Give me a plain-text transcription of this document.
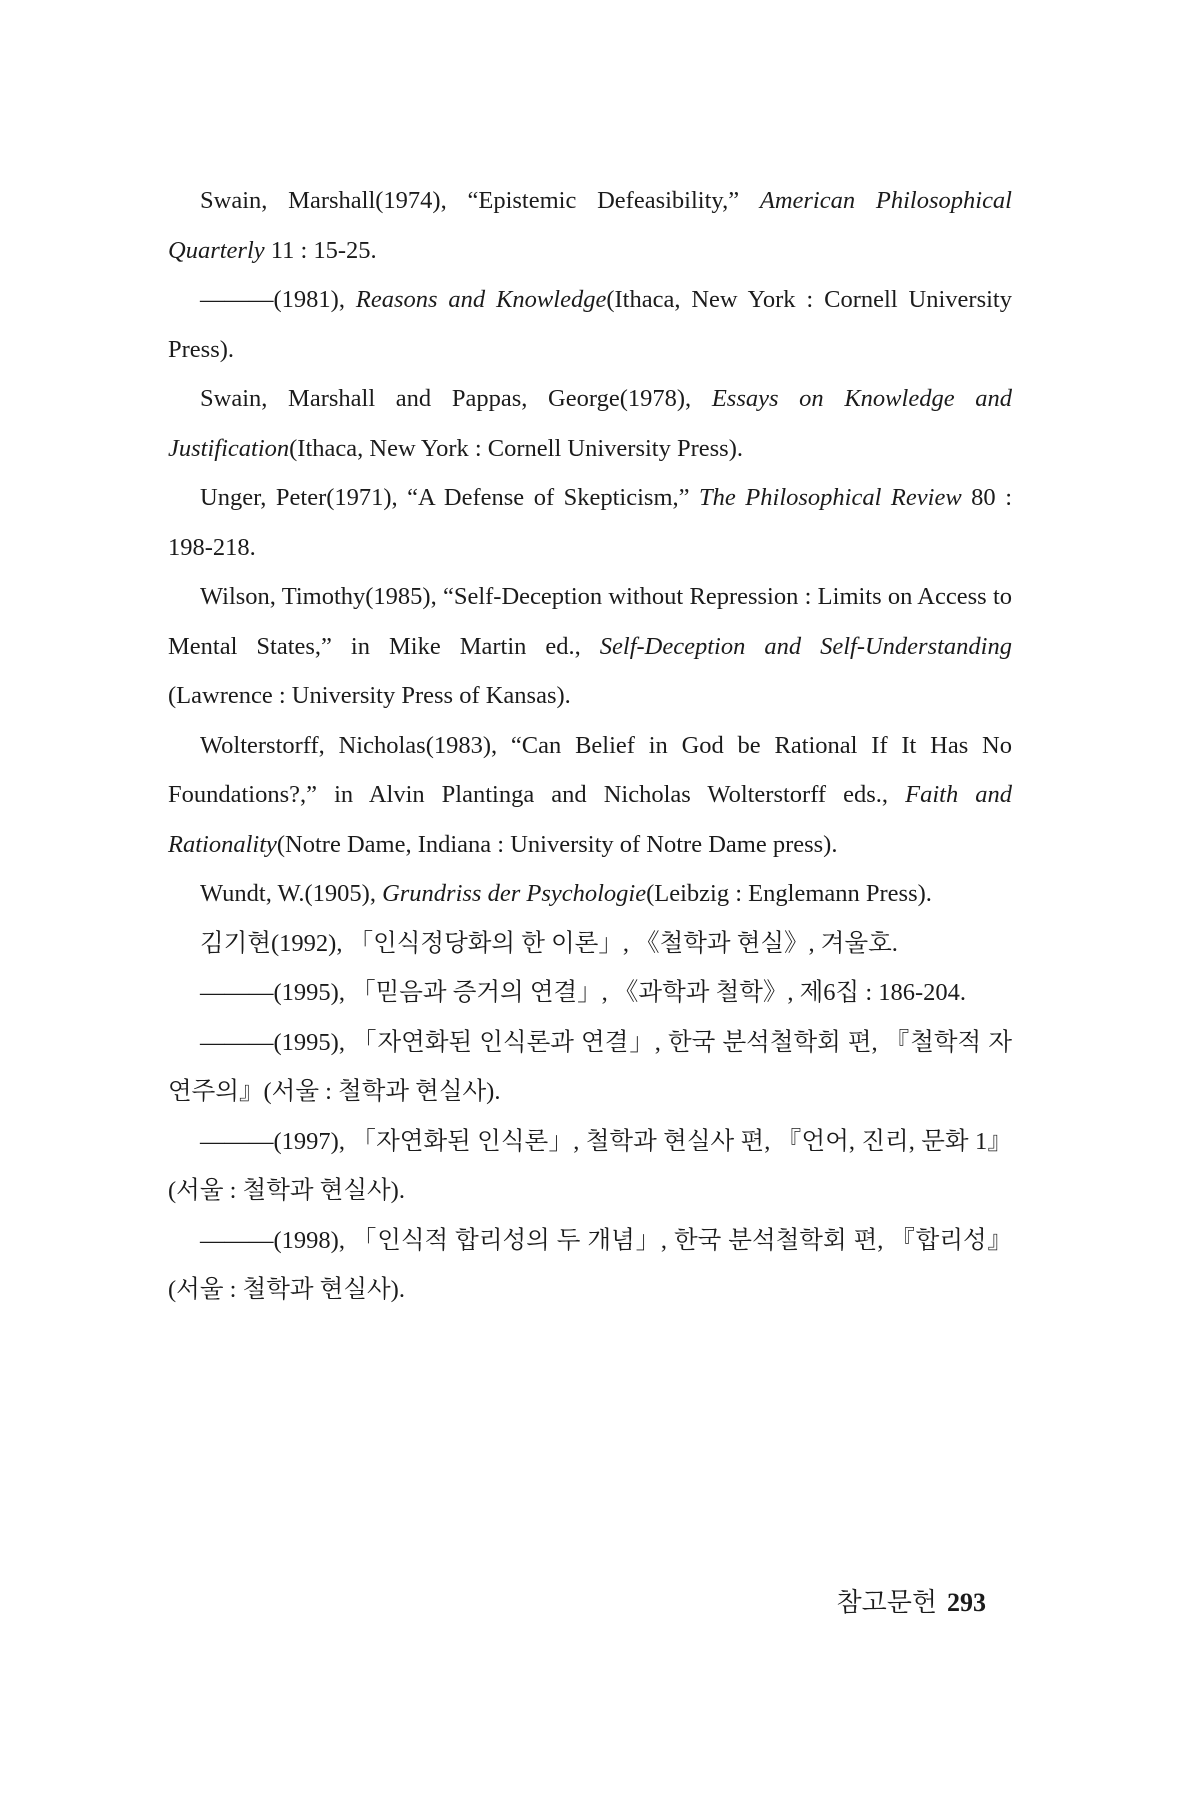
Swain, Marshall(1974), “Epistemic Defeasibility,” American Philosophical Quarterly 11 : 15-25.

———(1981), Reasons and Knowledge(Ithaca, New York : Cornell University Press).

Swain, Marshall and Pappas, George(1978), Essays on Knowledge and Justification(Ithaca, New York : Cornell University Press).

Unger, Peter(1971), “A Defense of Skepticism,” The Philosophical Review 80 : 198-218.

Wilson, Timothy(1985), “Self-Deception without Repression : Limits on Access to Mental States,” in Mike Martin ed., Self-Deception and Self-Understanding (Lawrence : University Press of Kansas).

Wolterstorff, Nicholas(1983), “Can Belief in God be Rational If It Has No Foundations?,” in Alvin Plantinga and Nicholas Wolterstorff eds., Faith and Rationality(Notre Dame, Indiana : University of Notre Dame press).

Wundt, W.(1905), Grundriss der Psychologie(Leibzig : Englemann Press).

김기현(1992), 「인식정당화의 한 이론」, 《철학과 현실》, 겨울호.

———(1995), 「믿음과 증거의 연결」, 《과학과 철학》, 제6집 : 186-204.

———(1995), 「자연화된 인식론과 연결」, 한국 분석철학회 편, 『철학적 자연주의』(서울 : 철학과 현실사).

———(1997), 「자연화된 인식론」, 철학과 현실사 편, 『언어, 진리, 문화 1』(서울 : 철학과 현실사).

———(1998), 「인식적 합리성의 두 개념」, 한국 분석철학회 편, 『합리성』(서울 : 철학과 현실사).

참고문헌 293
